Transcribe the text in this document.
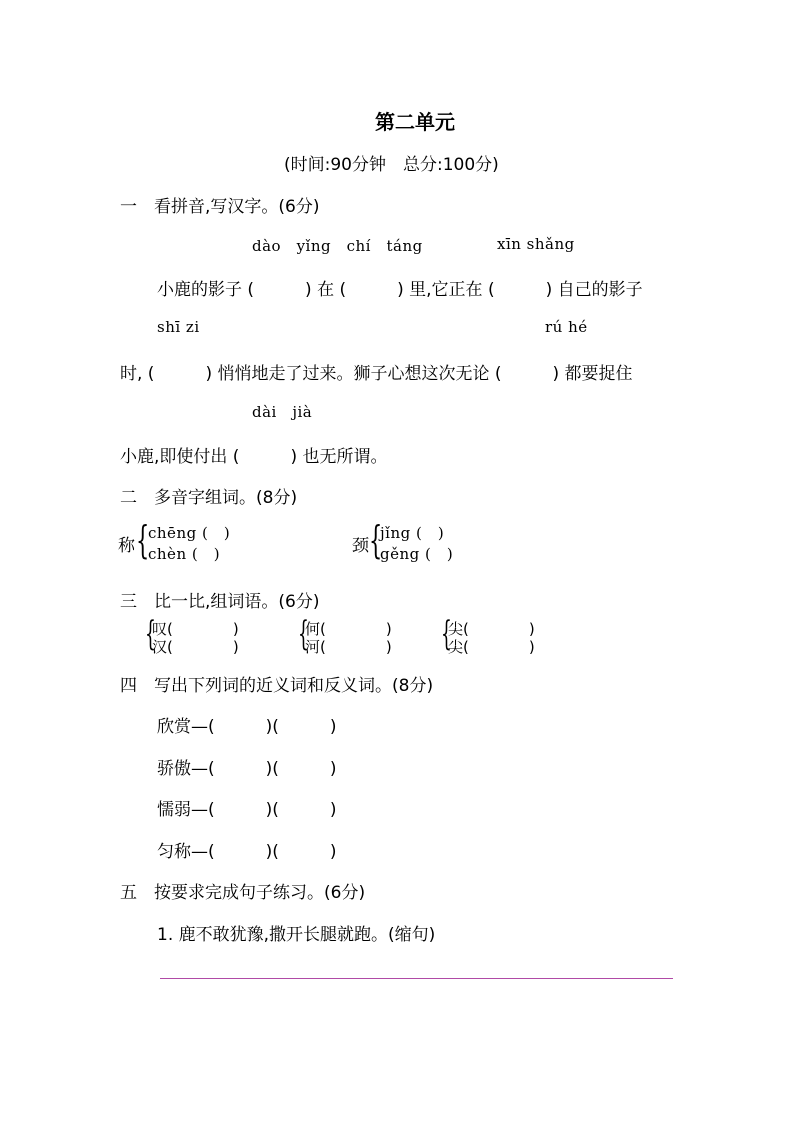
第二单元
(时间:90分钟　总分:100分)
一　看拼音,写汉字。(6分)
dào　yǐng　chí　táng	xīn shǎng
小鹿的影子 (　　　) 在 (　　　) 里,它正在 (　　　) 自己的影子
shī zi	rú hé
时, (　　　) 悄悄地走了过来。狮子心想这次无论 (　　　) 都要捉住
dài　jià
小鹿,即使付出 (　　　) 也无所谓。
二　多音字组词。(8分)
称 {
chēng (　)
chèn (　)	颈 {
jǐng (　)
gěng (　)
三　比一比,组词语。(6分)
{
叹(　　　　)
汉(　　　　) {
何(　　　　)
河(　　　　) {
尖(　　　　)
尖(　　　　)
四　写出下列词的近义词和反义词。(8分)
欣赏—(　　　)(　　　)
骄傲—(　　　)(　　　)
懦弱—(　　　)(　　　)
匀称—(　　　)(　　　)
五　按要求完成句子练习。(6分)
1. 鹿不敢犹豫,撒开长腿就跑。(缩句)
